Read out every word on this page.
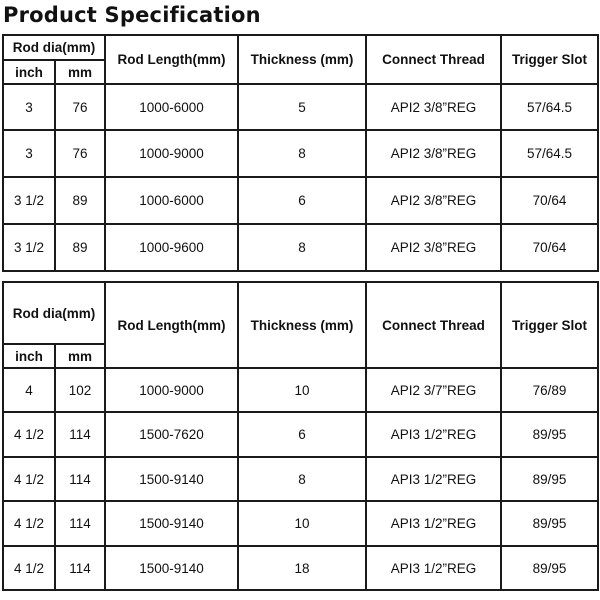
Product Specification
Rod dia(mm)		Rod Length(mm)	Thickness (mm)	Connect Thread	Trigger Slot
inch	mm				
3	76	1000-6000	5	API2 3/8”REG	57/64.5
3	76	1000-9000	8	API2 3/8”REG	57/64.5
3 1/2	89	1000-6000	6	API2 3/8”REG	70/64
3 1/2	89	1000-9600	8	API2 3/8”REG	70/64
Rod dia(mm)		Rod Length(mm)	Thickness (mm)	Connect Thread	Trigger Slot
inch	mm				
4	102	1000-9000	10	API2 3/7”REG	76/89
4 1/2	114	1500-7620	6	API3 1/2”REG	89/95
4 1/2	114	1500-9140	8	API3 1/2”REG	89/95
4 1/2	114	1500-9140	10	API3 1/2”REG	89/95
4 1/2	114	1500-9140	18	API3 1/2”REG	89/95
